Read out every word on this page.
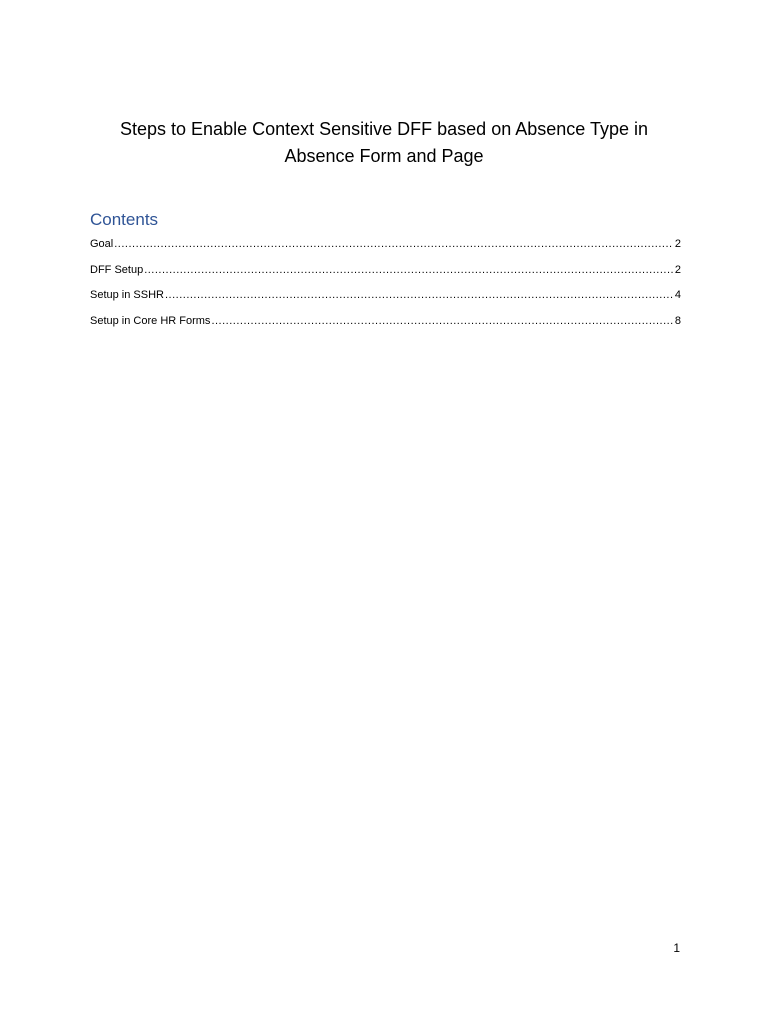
Steps to Enable Context Sensitive DFF based on Absence Type in
Absence Form and Page
Contents
Goal .....	2
DFF Setup .....	2
Setup in SSHR .....	4
Setup in Core HR Forms .....	8
1
